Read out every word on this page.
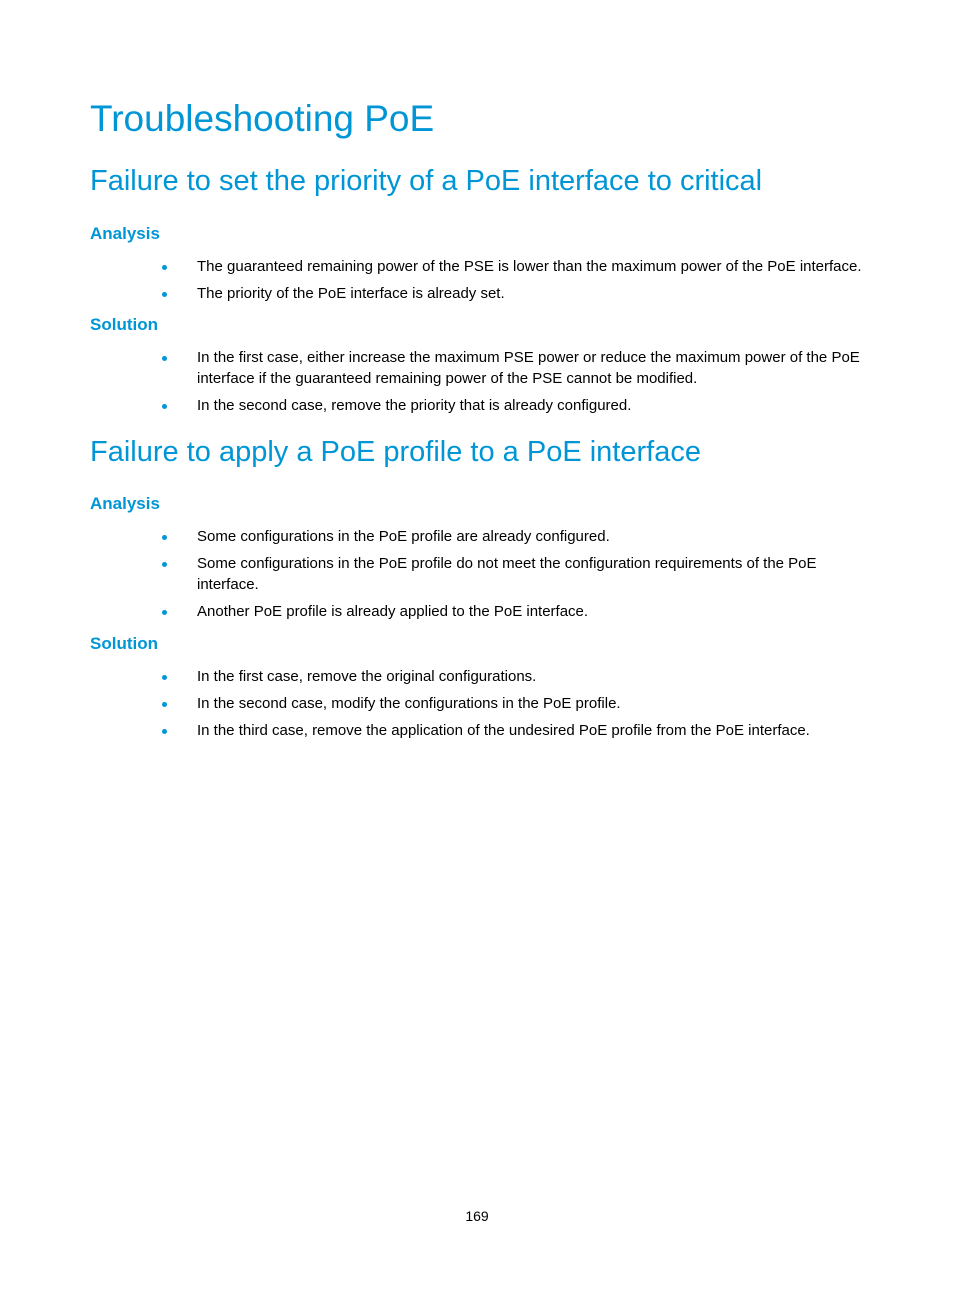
Troubleshooting PoE
Failure to set the priority of a PoE interface to critical
Analysis
The guaranteed remaining power of the PSE is lower than the maximum power of the PoE interface.
The priority of the PoE interface is already set.
Solution
In the first case, either increase the maximum PSE power or reduce the maximum power of the PoE interface if the guaranteed remaining power of the PSE cannot be modified.
In the second case, remove the priority that is already configured.
Failure to apply a PoE profile to a PoE interface
Analysis
Some configurations in the PoE profile are already configured.
Some configurations in the PoE profile do not meet the configuration requirements of the PoE interface.
Another PoE profile is already applied to the PoE interface.
Solution
In the first case, remove the original configurations.
In the second case, modify the configurations in the PoE profile.
In the third case, remove the application of the undesired PoE profile from the PoE interface.
169
